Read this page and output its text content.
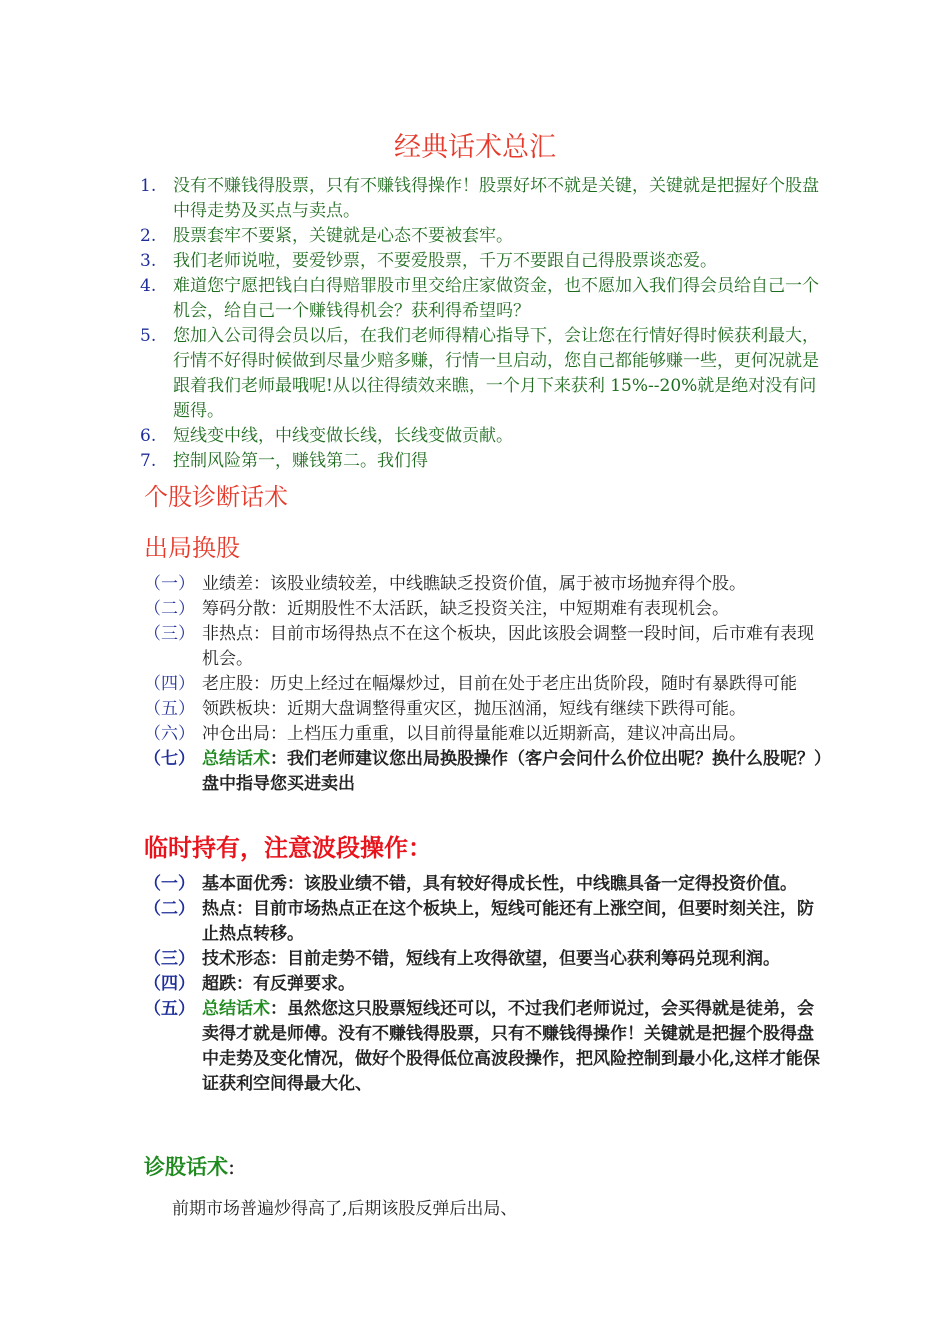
经典话术总汇
1. 没有不赚钱得股票，只有不赚钱得操作！股票好坏不就是关键，关键就是把握好个股盘中得走势及买点与卖点。
2. 股票套牢不要紧，关键就是心态不要被套牢。
3. 我们老师说啦，要爱钞票，不要爱股票，千万不要跟自己得股票谈恋爱。
4. 难道您宁愿把钱白白得赔罪股市里交给庄家做资金，也不愿加入我们得会员给自己一个机会，给自己一个赚钱得机会？获利得希望吗？
5. 您加入公司得会员以后，在我们老师得精心指导下，会让您在行情好得时候获利最大，行情不好得时候做到尽量少赔多赚，行情一旦启动，您自己都能够赚一些，更何况就是跟着我们老师最哦呢!从以往得绩效来瞧，一个月下来获利 15%--20%就是绝对没有问题得。
6. 短线变中线，中线变做长线，长线变做贡献。
7. 控制风险第一，赚钱第二。我们得
个股诊断话术
出局换股
（一） 业绩差：该股业绩较差，中线瞧缺乏投资价值，属于被市场抛弃得个股。
（二） 筹码分散：近期股性不太活跃，缺乏投资关注，中短期难有表现机会。
（三） 非热点：目前市场得热点不在这个板块，因此该股会调整一段时间，后市难有表现机会。
（四） 老庄股：历史上经过在幅爆炒过，目前在处于老庄出货阶段，随时有暴跌得可能
（五） 领跌板块：近期大盘调整得重灾区，抛压汹涌，短线有继续下跌得可能。
（六） 冲仓出局：上档压力重重，以目前得量能难以近期新高，建议冲高出局。
（七） 总结话术：我们老师建议您出局换股操作（客户会问什么价位出呢？换什么股呢？）盘中指导您买进卖出
临时持有，注意波段操作：
（一） 基本面优秀：该股业绩不错，具有较好得成长性，中线瞧具备一定得投资价值。
（二） 热点：目前市场热点正在这个板块上，短线可能还有上涨空间，但要时刻关注，防止热点转移。
（三） 技术形态：目前走势不错，短线有上攻得欲望，但要当心获利筹码兑现利润。
（四） 超跌：有反弹要求。
（五） 总结话术：虽然您这只股票短线还可以，不过我们老师说过，会买得就是徒弟，会卖得才就是师傅。没有不赚钱得股票，只有不赚钱得操作！关键就是把握个股得盘中走势及变化情况，做好个股得低位高波段操作，把风险控制到最小化,这样才能保证获利空间得最大化、
诊股话术:
前期市场普遍炒得高了,后期该股反弹后出局、
